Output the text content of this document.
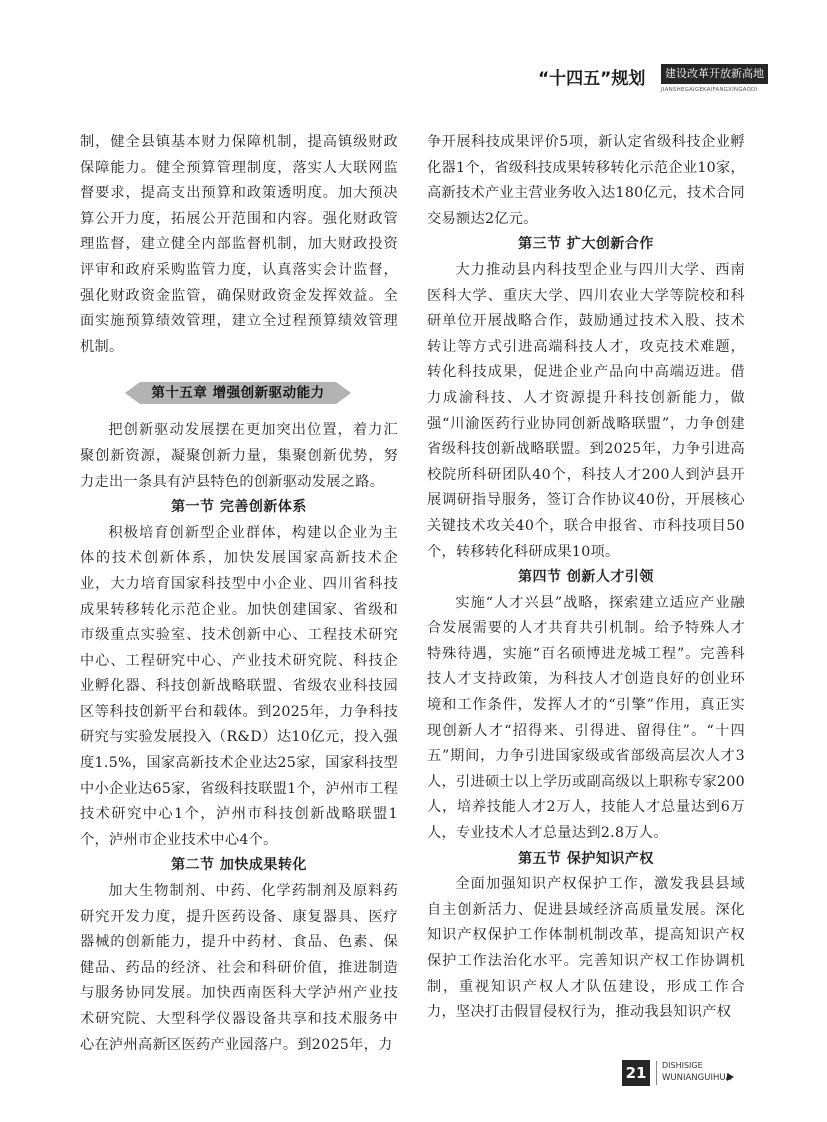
“十四五”规划	建设改革开放新高地
JIANSHEGAIGEKAIFANGXINGAODI

制，健全县镇基本财力保障机制，提高镇级财政保障能力。健全预算管理制度，落实人大联网监督要求，提高支出预算和政策透明度。加大预决算公开力度，拓展公开范围和内容。强化财政管理监督，建立健全内部监督机制，加大财政投资评审和政府采购监管力度，认真落实会计监督，强化财政资金监管，确保财政资金发挥效益。全面实施预算绩效管理，建立全过程预算绩效管理机制。

第十五章 增强创新驱动能力

把创新驱动发展摆在更加突出位置，着力汇聚创新资源，凝聚创新力量，集聚创新优势，努力走出一条具有泸县特色的创新驱动发展之路。

第一节 完善创新体系

积极培育创新型企业群体，构建以企业为主体的技术创新体系，加快发展国家高新技术企业，大力培育国家科技型中小企业、四川省科技成果转移转化示范企业。加快创建国家、省级和市级重点实验室、技术创新中心、工程技术研究中心、工程研究中心、产业技术研究院、科技企业孵化器、科技创新战略联盟、省级农业科技园区等科技创新平台和载体。到2025年，力争科技研究与实验发展投入（R&D）达10亿元，投入强度1.5%，国家高新技术企业达25家，国家科技型中小企业达65家，省级科技联盟1个，泸州市工程技术研究中心1个，泸州市科技创新战略联盟1个，泸州市企业技术中心4个。

第二节 加快成果转化

加大生物制剂、中药、化学药制剂及原料药研究开发力度，提升医药设备、康复器具、医疗器械的创新能力，提升中药材、食品、色素、保健品、药品的经济、社会和科研价值，推进制造与服务协同发展。加快西南医科大学泸州产业技术研究院、大型科学仪器设备共享和技术服务中心在泸州高新区医药产业园落户。到2025年，力

争开展科技成果评价5项，新认定省级科技企业孵化器1个，省级科技成果转移转化示范企业10家，高新技术产业主营业务收入达180亿元，技术合同交易额达2亿元。

第三节 扩大创新合作

大力推动县内科技型企业与四川大学、西南医科大学、重庆大学、四川农业大学等院校和科研单位开展战略合作，鼓励通过技术入股、技术转让等方式引进高端科技人才，攻克技术难题，转化科技成果，促进企业产品向中高端迈进。借力成渝科技、人才资源提升科技创新能力，做强“川渝医药行业协同创新战略联盟”，力争创建省级科技创新战略联盟。到2025年，力争引进高校院所科研团队40个，科技人才200人到泸县开展调研指导服务，签订合作协议40份，开展核心关键技术攻关40个，联合申报省、市科技项目50个，转移转化科研成果10项。

第四节 创新人才引领

实施“人才兴县”战略，探索建立适应产业融合发展需要的人才共育共引机制。给予特殊人才特殊待遇，实施“百名硕博进龙城工程”。完善科技人才支持政策，为科技人才创造良好的创业环境和工作条件，发挥人才的“引擎”作用，真正实现创新人才“招得来、引得进、留得住”。“十四五”期间，力争引进国家级或省部级高层次人才3人，引进硕士以上学历或副高级以上职称专家200人，培养技能人才2万人，技能人才总量达到6万人，专业技术人才总量达到2.8万人。

第五节 保护知识产权

全面加强知识产权保护工作，激发我县县域自主创新活力、促进县域经济高质量发展。深化知识产权保护工作体制机制改革，提高知识产权保护工作法治化水平。完善知识产权工作协调机制，重视知识产权人才队伍建设，形成工作合力，坚决打击假冒侵权行为，推动我县知识产权

21	DISHISIGE
WUNIANGUIHUA
